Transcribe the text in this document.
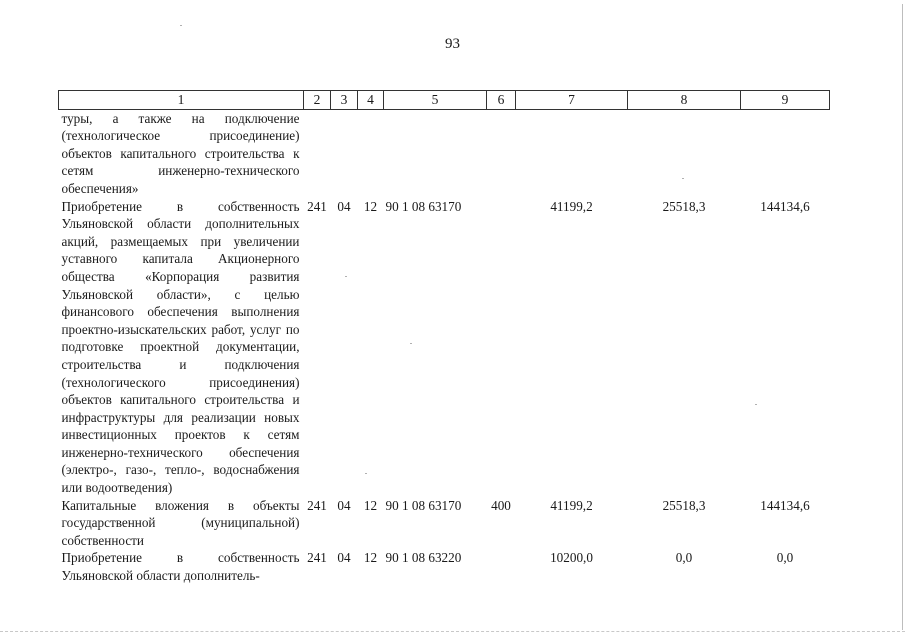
93
1	2	3	4	5	6	7	8	9
туры, а также на подключение (технологическое присоединение) объектов капитального строительства к сетям инженерно-технического обеспечения»								
Приобретение в собственность Ульяновской области дополнительных акций, размещаемых при увеличении уставного капитала Акционерного общества «Корпорация развития Ульяновской области», с целью финансового обеспечения выполнения проектно-изыскательских работ, услуг по подготовке проектной документации, строительства и подключения (технологического присоединения) объектов капитального строительства и инфраструктуры для реализации новых инвестиционных проектов к сетям инженерно-технического обеспечения (электро-, газо-, тепло-, водоснабжения или водоотведения)	241	04	12	90 1 08 63170		41199,2	25518,3	144134,6
Капитальные вложения в объекты государственной (муниципальной) собственности	241	04	12	90 1 08 63170	400	41199,2	25518,3	144134,6
Приобретение в собственность Ульяновской области дополнитель-	241	04	12	90 1 08 63220		10200,0	0,0	0,0
